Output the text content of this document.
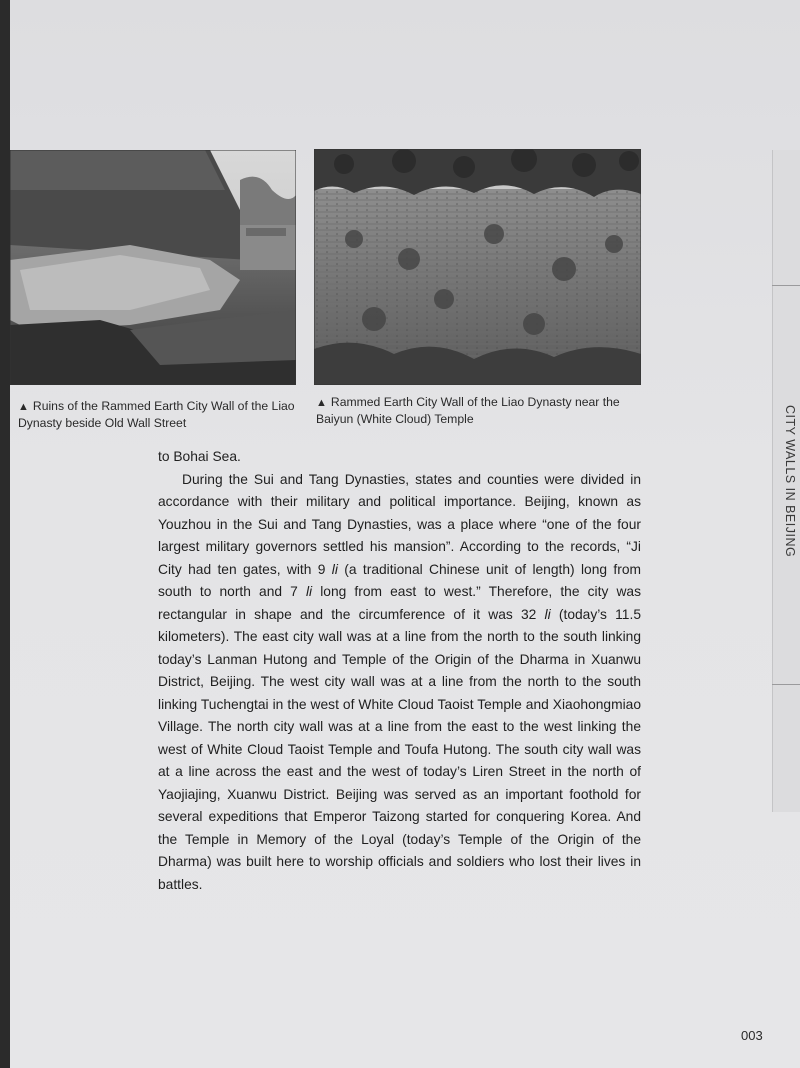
▲ Ruins of the Rammed Earth City Wall of the Liao Dynasty beside Old Wall Street
▲ Rammed Earth City Wall of the Liao Dynasty near the Baiyun (White Cloud) Temple

to Bohai Sea.

During the Sui and Tang Dynasties, states and counties were divided in accordance with their military and political importance. Beijing, known as Youzhou in the Sui and Tang Dynasties, was a place where “one of the four largest military governors settled his mansion”. According to the records, “Ji City had ten gates, with 9 li (a traditional Chinese unit of length) long from south to north and 7 li long from east to west.” Therefore, the city was rectangular in shape and the circumference of it was 32 li (today’s 11.5 kilometers). The east city wall was at a line from the north to the south linking today’s Lanman Hutong and Temple of the Origin of the Dharma in Xuanwu District, Beijing. The west city wall was at a line from the north to the south linking Tuchengtai in the west of White Cloud Taoist Temple and Xiaohongmiao Village. The north city wall was at a line from the east to the west linking the west of White Cloud Taoist Temple and Toufa Hutong. The south city wall was at a line across the east and the west of today’s Liren Street in the north of Yaojiajing, Xuanwu District. Beijing was served as an important foothold for several expeditions that Emperor Taizong started for conquering Korea. And the Temple in Memory of the Loyal (today’s Temple of the Origin of the Dharma) was built here to worship officials and soldiers who lost their lives in battles.

CITY WALLS IN BEIJING
003
